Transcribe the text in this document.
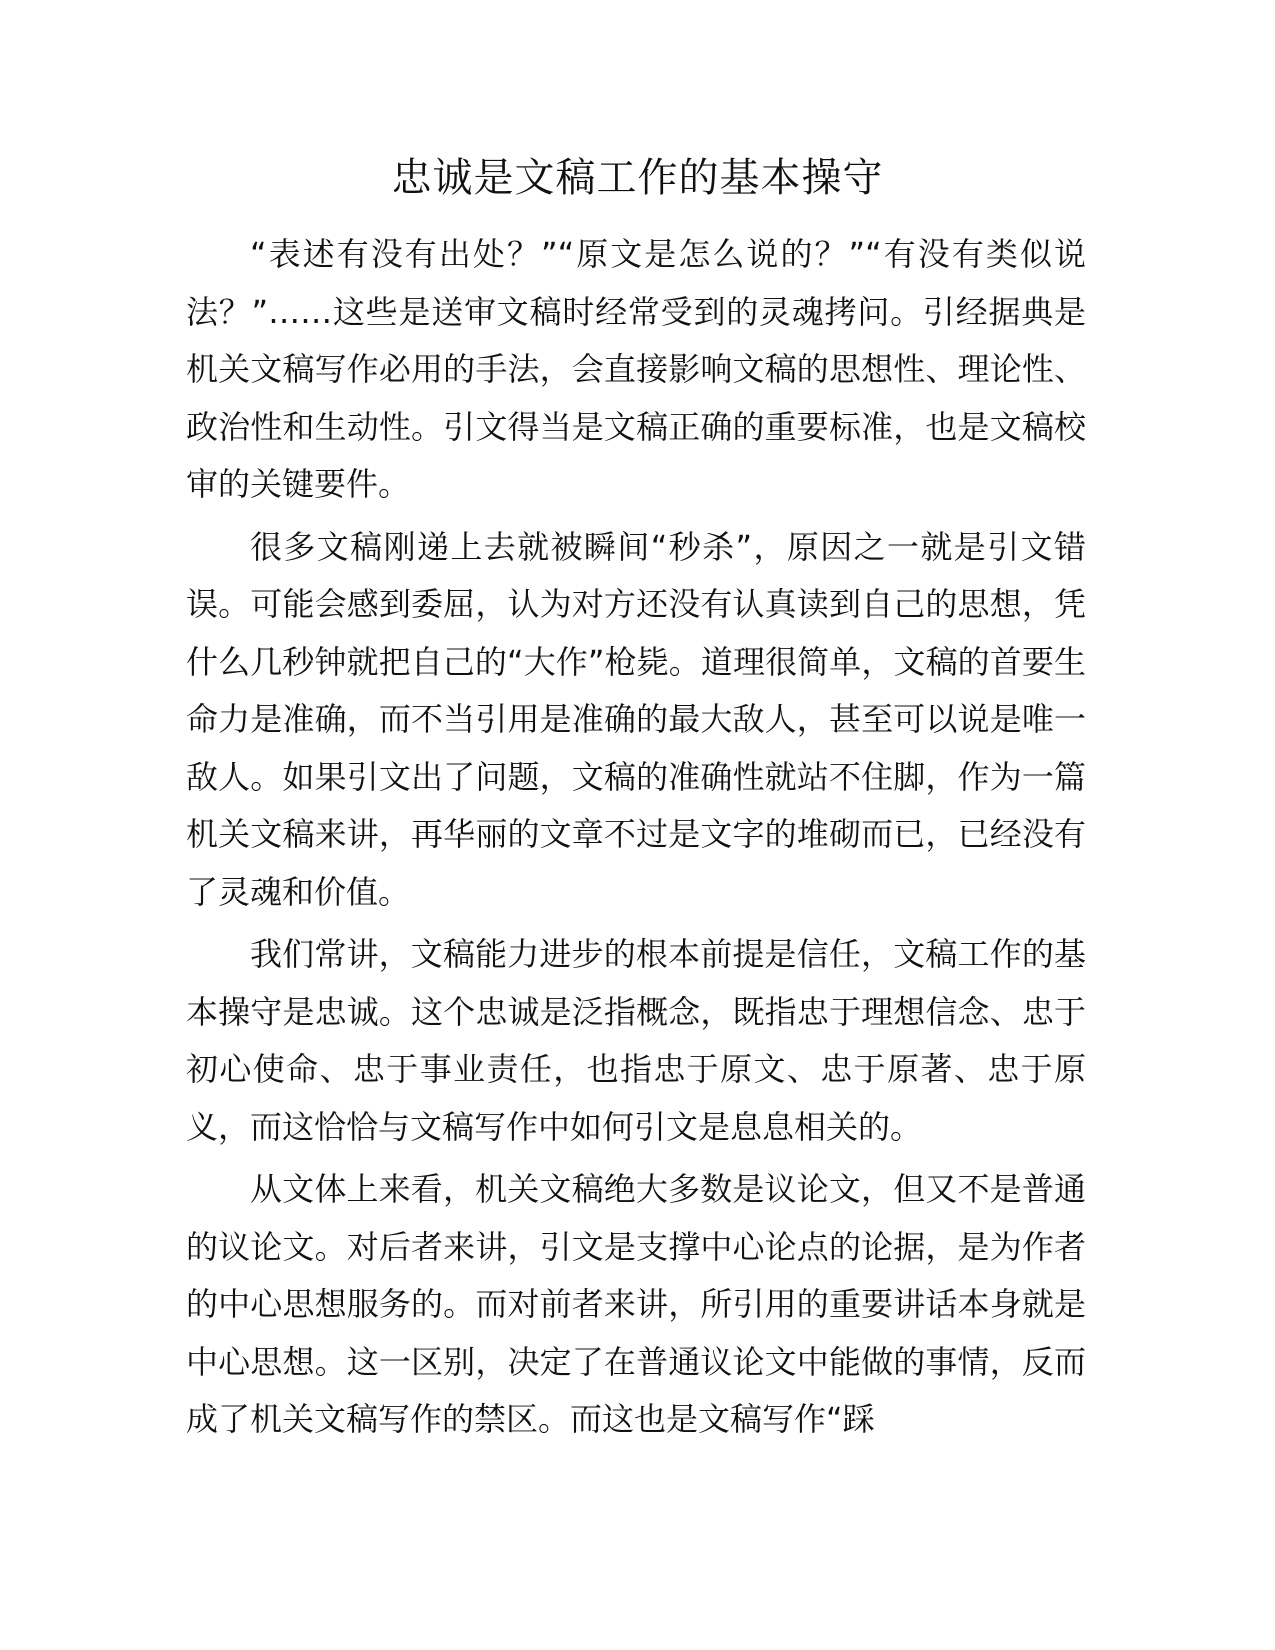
忠诚是文稿工作的基本操守

“表述有没有出处？”“原文是怎么说的？”“有没有类似说法？”……这些是送审文稿时经常受到的灵魂拷问。引经据典是机关文稿写作必用的手法，会直接影响文稿的思想性、理论性、政治性和生动性。引文得当是文稿正确的重要标准，也是文稿校审的关键要件。

很多文稿刚递上去就被瞬间“秒杀”，原因之一就是引文错误。可能会感到委屈，认为对方还没有认真读到自己的思想，凭什么几秒钟就把自己的“大作”枪毙。道理很简单，文稿的首要生命力是准确，而不当引用是准确的最大敌人，甚至可以说是唯一敌人。如果引文出了问题，文稿的准确性就站不住脚，作为一篇机关文稿来讲，再华丽的文章不过是文字的堆砌而已，已经没有了灵魂和价值。

我们常讲，文稿能力进步的根本前提是信任，文稿工作的基本操守是忠诚。这个忠诚是泛指概念，既指忠于理想信念、忠于初心使命、忠于事业责任，也指忠于原文、忠于原著、忠于原义，而这恰恰与文稿写作中如何引文是息息相关的。

从文体上来看，机关文稿绝大多数是议论文，但又不是普通的议论文。对后者来讲，引文是支撑中心论点的论据，是为作者的中心思想服务的。而对前者来讲，所引用的重要讲话本身就是中心思想。这一区别，决定了在普通议论文中能做的事情，反而成了机关文稿写作的禁区。而这也是文稿写作“踩
